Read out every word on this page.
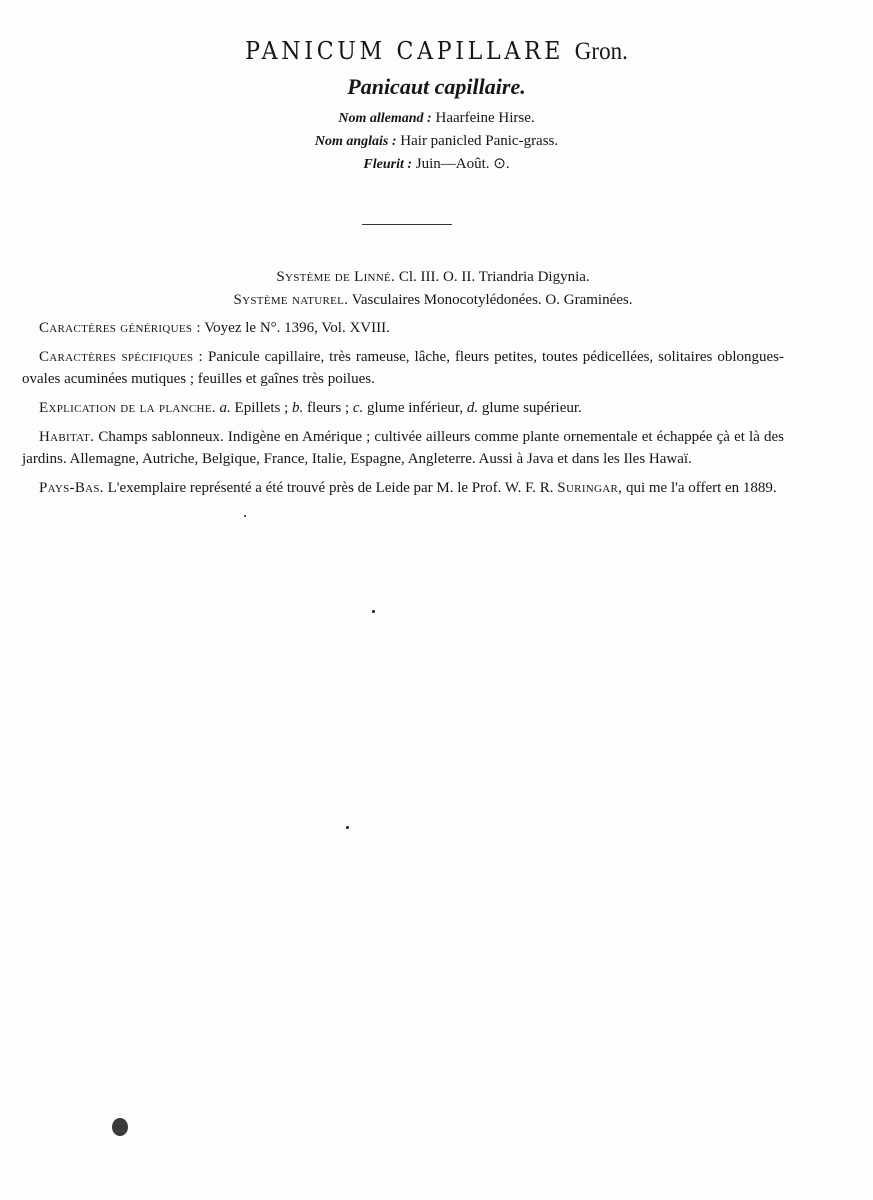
PANICUM CAPILLARE Gron.
Panicaut capillaire.

Nom allemand : Haarfeine Hirse.

Nom anglais : Hair panicled Panic-grass.

Fleurit : Juin—Août. ⊙.

Système de Linné. Cl. III. O. II. Triandria Digynia.

Système naturel. Vasculaires Monocotylédonées. O. Graminées.

Caractères génériques : Voyez le N°. 1396, Vol. XVIII.

Caractères spécifiques : Panicule capillaire, très rameuse, lâche, fleurs petites, toutes pédicellées, solitaires oblongues-ovales acuminées mutiques ; feuilles et gaînes très poilues.

Explication de la planche. a. Epillets ; b. fleurs ; c. glume inférieur, d. glume supérieur.

Habitat. Champs sablonneux. Indigène en Amérique ; cultivée ailleurs comme plante ornementale et échappée çà et là des jardins. Allemagne, Autriche, Belgique, France, Italie, Espagne, Angleterre. Aussi à Java et dans les Iles Hawaï.

Pays-Bas. L'exemplaire représenté a été trouvé près de Leide par M. le Prof. W. F. R. Suringar, qui me l'a offert en 1889.
